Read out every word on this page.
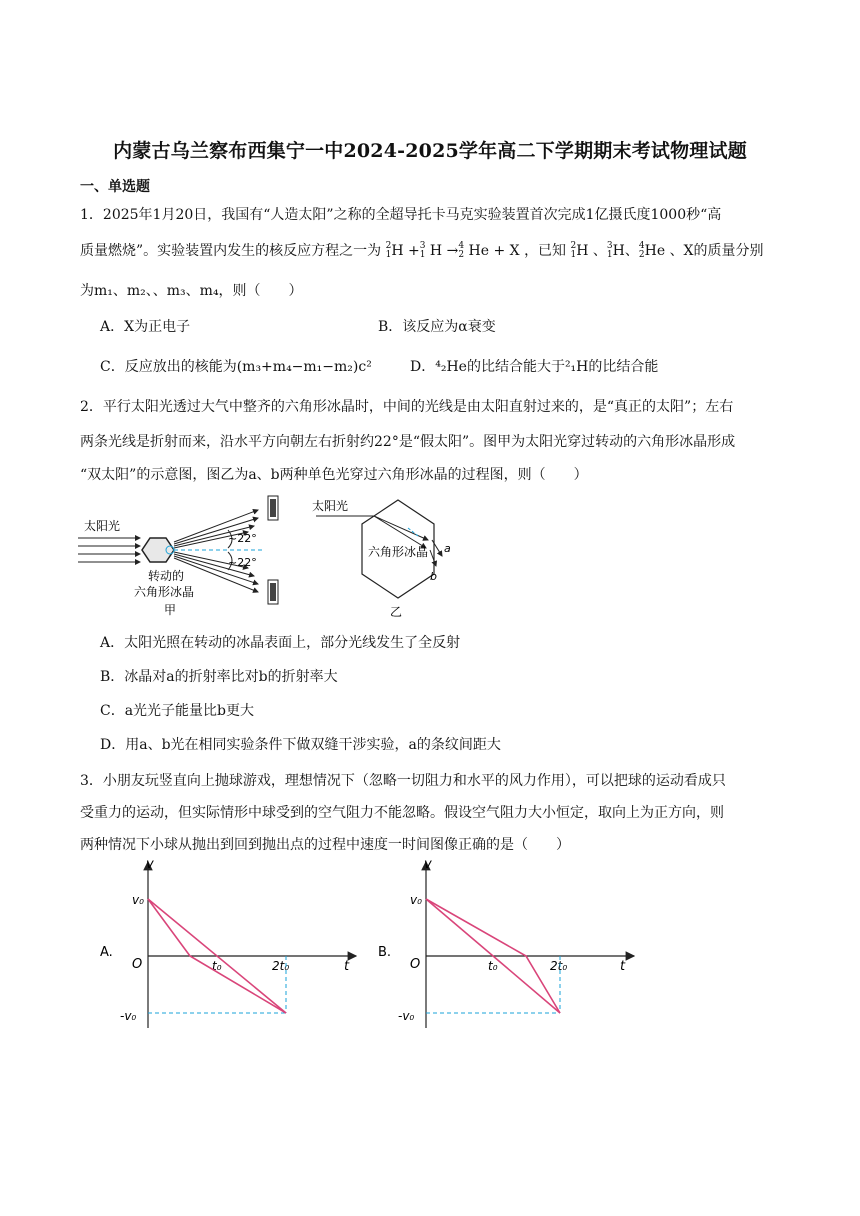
内蒙古乌兰察布西集宁一中2024-2025学年高二下学期期末考试物理试题
一、单选题
1．2025年1月20日，我国有“人造太阳”之称的全超导托卡马克实验装置首次完成1亿摄氏度1000秒“高
质量燃烧”。实验装置内发生的核反应方程之一为 2
1 H + 3
1 H → 4
2 He + X ，已知 2
1 H 、 3
1 H、 4
2 He 、X的质量分别
为m₁、m₂、、m₃、m₄，则（　　）
A．X为正电子	B．该反应为α衰变
C．反应放出的核能为(m₃+m₄−m₁−m₂)c²	D．⁴₂He的比结合能大于²₁H的比结合能
2．平行太阳光透过大气中整齐的六角形冰晶时，中间的光线是由太阳直射过来的，是“真正的太阳”；左右
两条光线是折射而来，沿水平方向朝左右折射约22°是“假太阳”。图甲为太阳光穿过转动的六角形冰晶形成
“双太阳”的示意图，图乙为a、b两种单色光穿过六角形冰晶的过程图，则（　　）
太阳光
~22°
~22°
转动的
六角形冰晶
甲
太阳光
a
b
六角形冰晶
乙
A．太阳光照在转动的冰晶表面上，部分光线发生了全反射
B．冰晶对a的折射率比对b的折射率大
C．a光光子能量比b更大
D．用a、b光在相同实验条件下做双缝干涉实验，a的条纹间距大
3．小朋友玩竖直向上抛球游戏，理想情况下（忽略一切阻力和水平的风力作用），可以把球的运动看成只
受重力的运动，但实际情形中球受到的空气阻力不能忽略。假设空气阻力大小恒定，取向上为正方向，则
两种情况下小球从抛出到回到抛出点的过程中速度一时间图像正确的是（　　）
A.
v
v₀
O
-v₀
t₀	2t₀	t
B.
v
v₀
O
-v₀
t₀	2t₀	t
